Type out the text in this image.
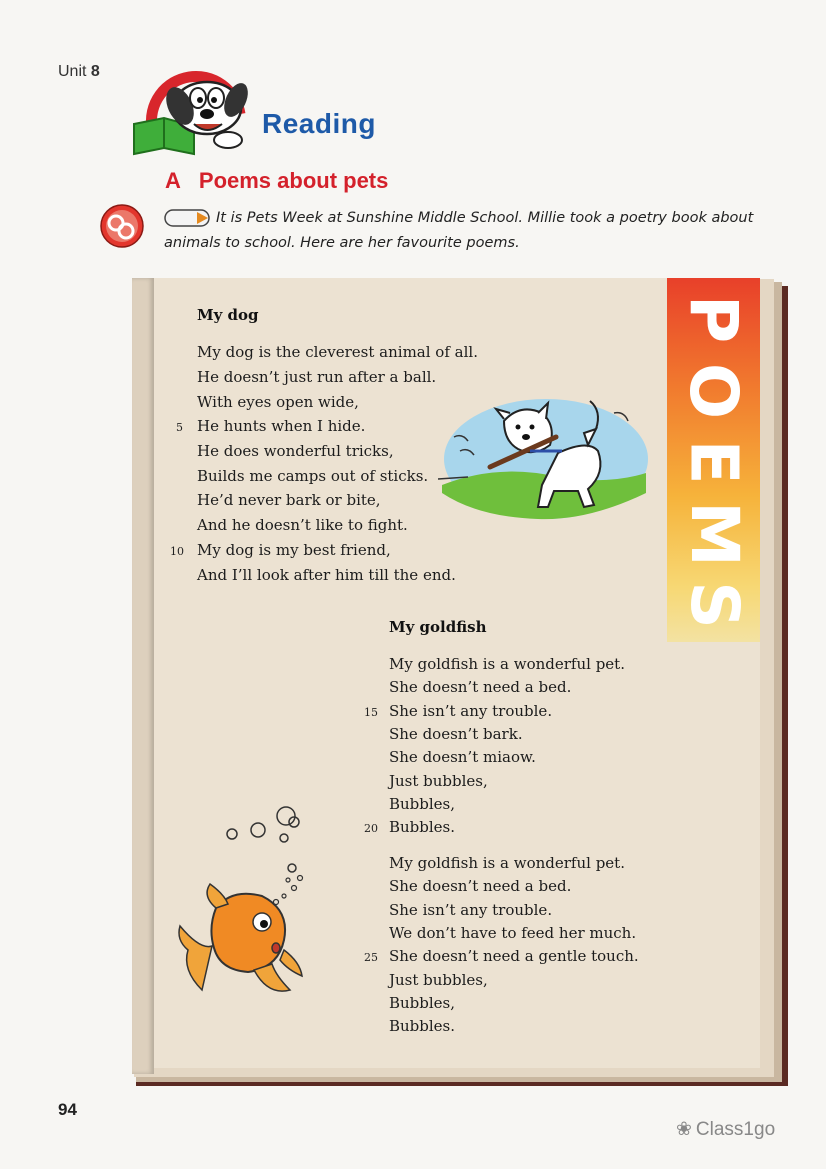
Unit 8
Reading
A Poems about pets
It is Pets Week at Sunshine Middle School. Millie took a poetry book about animals to school. Here are her favourite poems.
P
O
E
M
S
My dog
My dog is the cleverest animal of all.
He doesn’t just run after a ball.
With eyes open wide,
He hunts when I hide.
He does wonderful tricks,
Builds me camps out of sticks.
He’d never bark or bite,
And he doesn’t like to fight.
My dog is my best friend,
And I’ll look after him till the end.
5
10
My goldfish
My goldfish is a wonderful pet.
She doesn’t need a bed.
She isn’t any trouble.
She doesn’t bark.
She doesn’t miaow.
Just bubbles,
Bubbles,
Bubbles.
My goldfish is a wonderful pet.
She doesn’t need a bed.
She isn’t any trouble.
We don’t have to feed her much.
She doesn’t need a gentle touch.
Just bubbles,
Bubbles,
Bubbles.
15
20
25
94
❀ Class1go
